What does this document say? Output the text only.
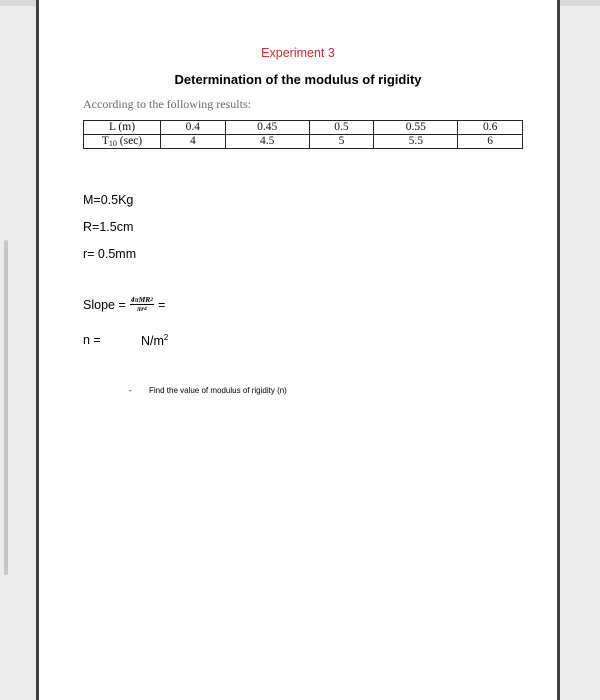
Experiment 3
Determination of the modulus of rigidity
According to the following results:
L (m)	0.4	0.45	0.5	0.55	0.6
T10 (sec)	4	4.5	5	5.5	6
M=0.5Kg
R=1.5cm
r= 0.5mm
Slope = $\frac{4\pi MR^2}{\pi r^4}$ =
n =	$N/m^2$
- Find the value of modulus of rigidity (n)
